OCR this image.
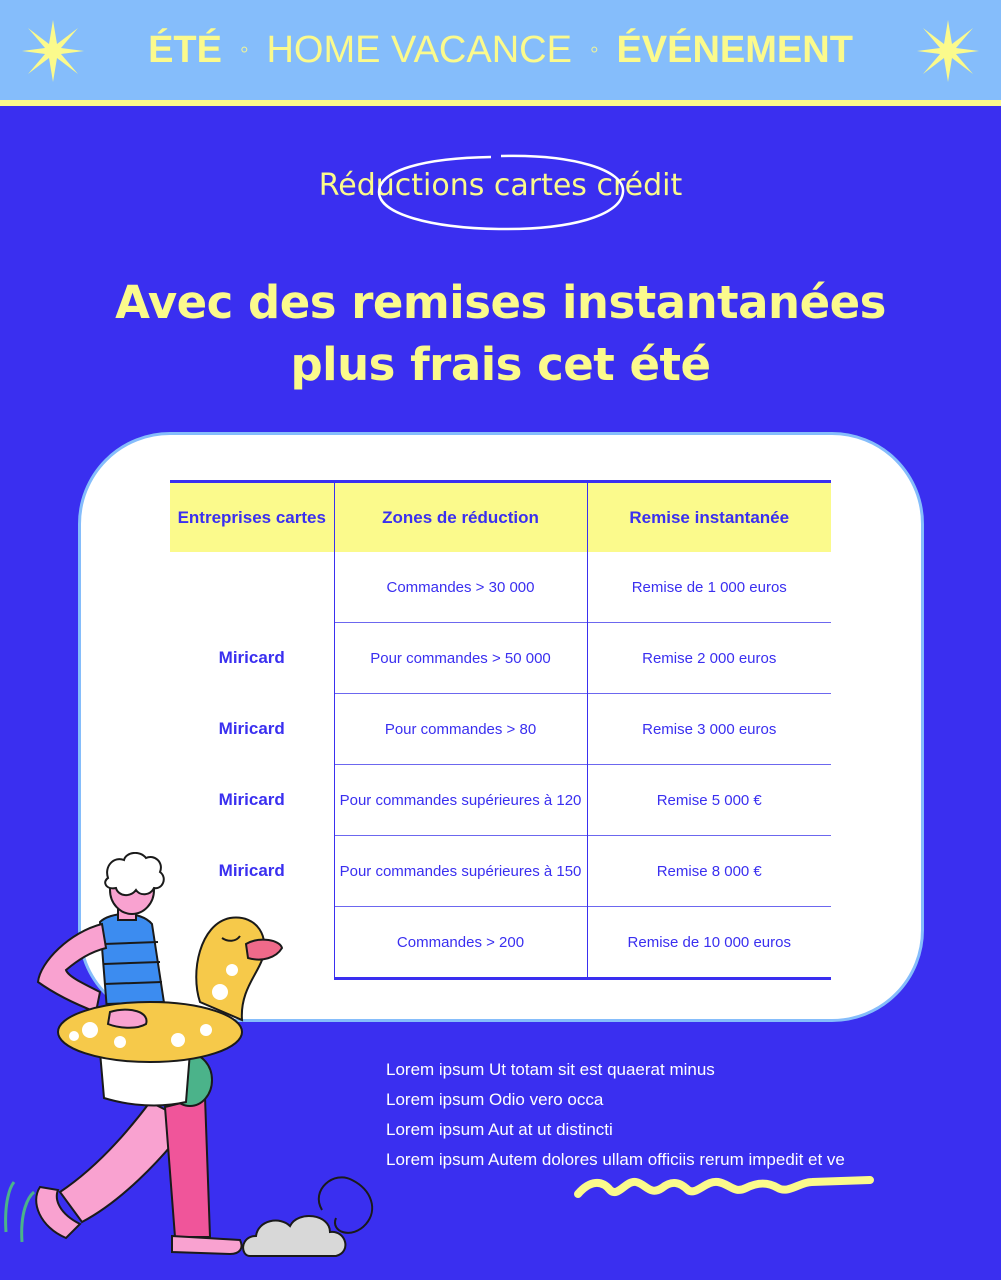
ÉTÉ ◦ HOME VACANCE ◦ ÉVÉNEMENT
Réductions cartes crédit
Avec des remises instantanées
plus frais cet été
Entreprises cartes	Zones de réduction	Remise instantanée
	Commandes > 30 000	Remise de 1 000 euros
Miricard	Pour commandes > 50 000	Remise 2 000 euros
Miricard	Pour commandes > 80	Remise 3 000 euros
Miricard	Pour commandes supérieures à 120	Remise 5 000 €
Miricard	Pour commandes supérieures à 150	Remise 8 000 €
	Commandes > 200	Remise de 10 000 euros
Lorem ipsum Ut totam sit est quaerat minus
Lorem ipsum Odio vero occa
Lorem ipsum Aut at ut distincti
Lorem ipsum Autem dolores ullam officiis rerum impedit et ve
